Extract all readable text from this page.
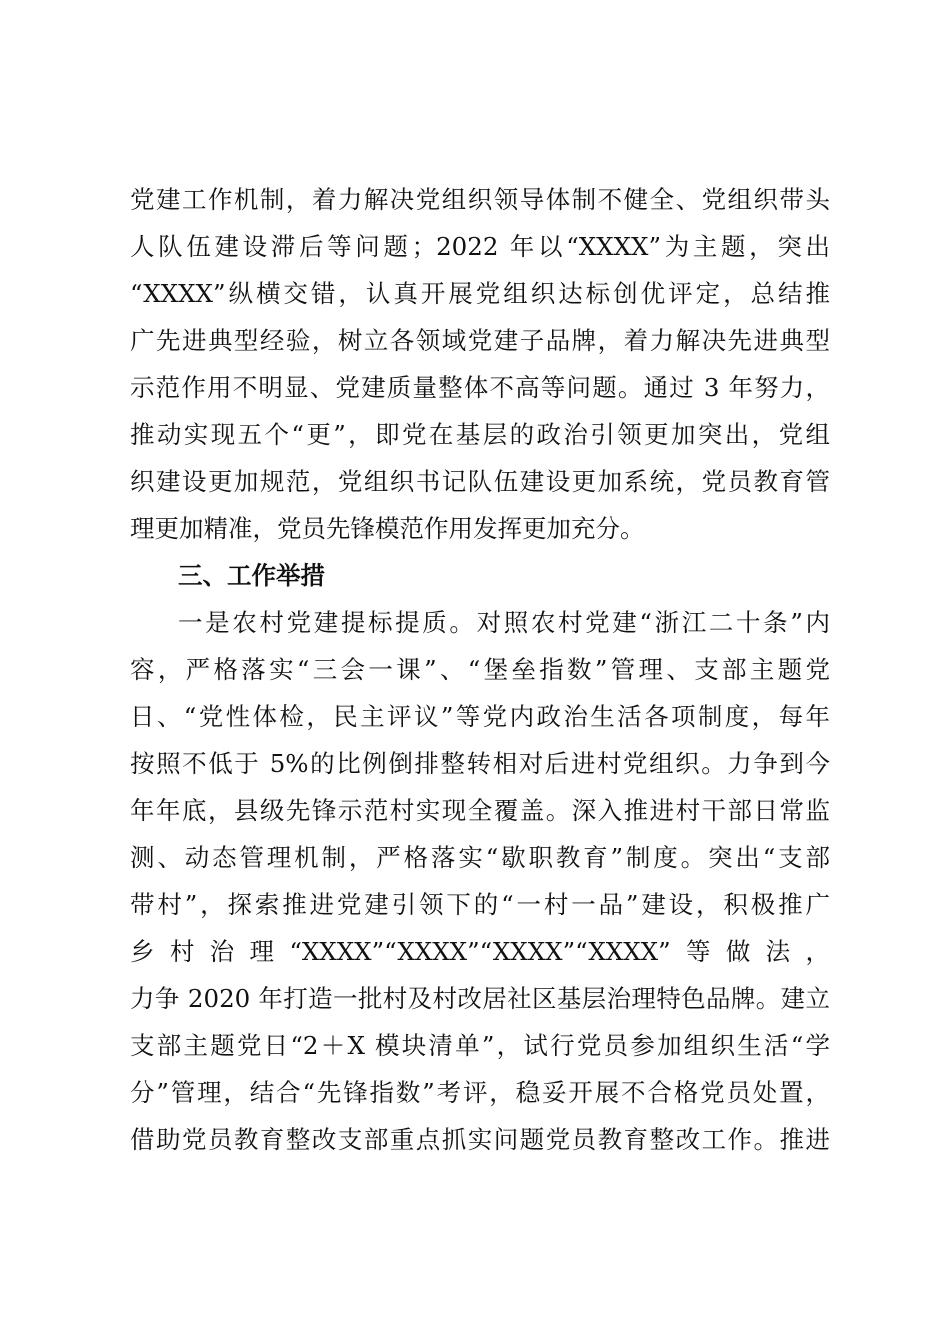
党建工作机制，着力解决党组织领导体制不健全、党组织带头
人队伍建设滞后等问题；2022 年以“XXXX”为主题，突出
“XXXX”纵横交错，认真开展党组织达标创优评定，总结推
广先进典型经验，树立各领域党建子品牌，着力解决先进典型
示范作用不明显、党建质量整体不高等问题。通过 3 年努力，
推动实现五个“更”，即党在基层的政治引领更加突出，党组
织建设更加规范，党组织书记队伍建设更加系统，党员教育管
理更加精准，党员先锋模范作用发挥更加充分。
三、工作举措
一是农村党建提标提质。对照农村党建“浙江二十条”内
容，严格落实“三会一课”、“堡垒指数”管理、支部主题党
日、“党性体检，民主评议”等党内政治生活各项制度，每年
按照不低于 5%的比例倒排整转相对后进村党组织。力争到今
年年底，县级先锋示范村实现全覆盖。深入推进村干部日常监
测、动态管理机制，严格落实“歇职教育”制度。突出“支部
带村”，探索推进党建引领下的“一村一品”建设，积极推广
乡村治理“XXXX”“XXXX”“XXXX”“XXXX”等做法，
力争 2020 年打造一批村及村改居社区基层治理特色品牌。建立
支部主题党日“2＋X 模块清单”，试行党员参加组织生活“学
分”管理，结合“先锋指数”考评，稳妥开展不合格党员处置，
借助党员教育整改支部重点抓实问题党员教育整改工作。推进
